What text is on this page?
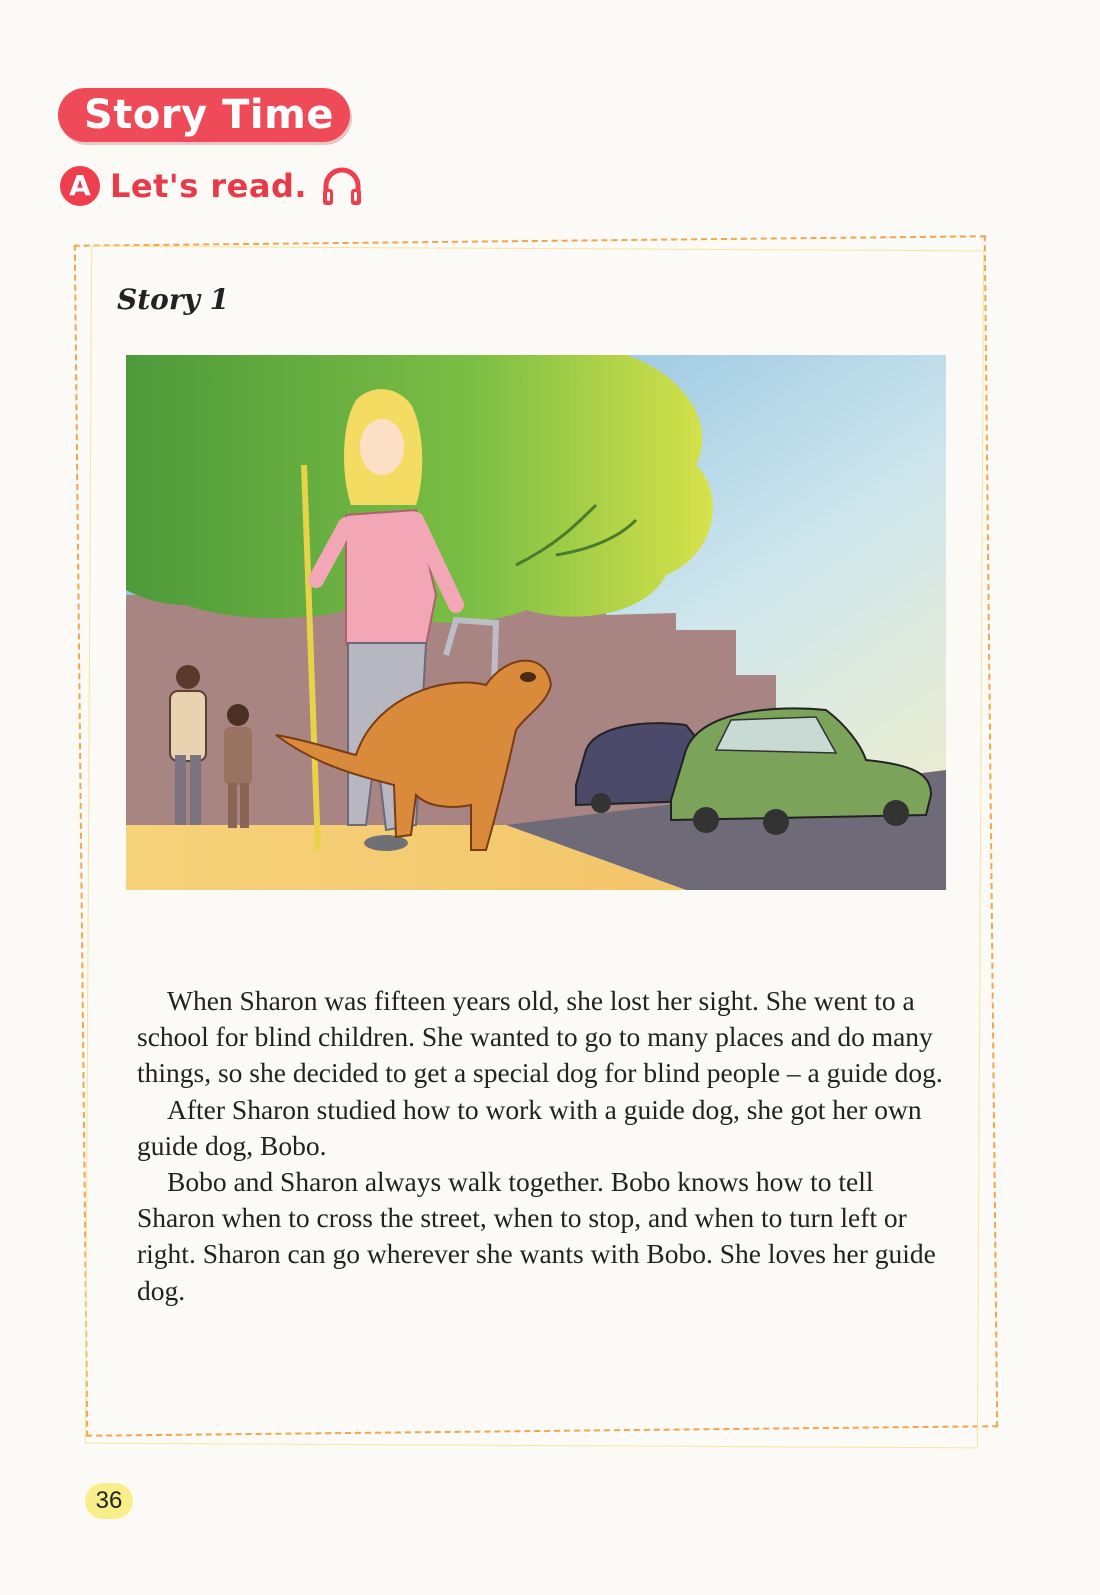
Story Time
A Let's read.
Story 1

When Sharon was fifteen years old, she lost her sight. She went to a school for blind children. She wanted to go to many places and do many things, so she decided to get a special dog for blind people – a guide dog.

After Sharon studied how to work with a guide dog, she got her own guide dog, Bobo.

Bobo and Sharon always walk together. Bobo knows how to tell Sharon when to cross the street, when to stop, and when to turn left or right. Sharon can go wherever she wants with Bobo. She loves her guide dog.

36
